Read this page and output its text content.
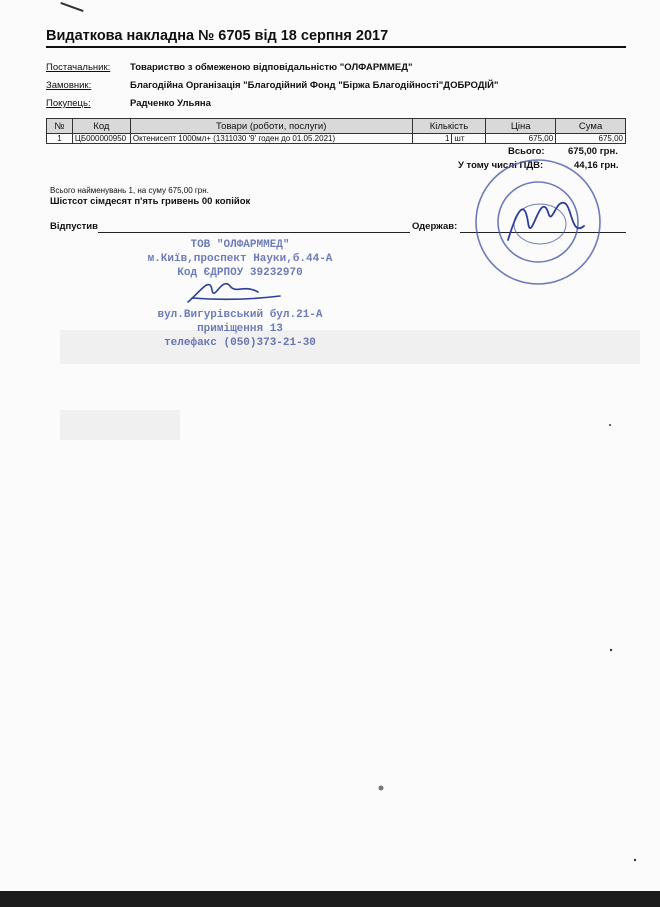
Видаткова накладна № 6705 від 18 серпня 2017
Постачальник: Товариство з обмеженою відповідальністю "ОЛФАРММЕД"
Замовник:	Благодійна Організація "Благодійний Фонд "Біржа Благодійності"ДОБРОДІЙ"
Покупець:	Радченко Ульяна
№	Код	Товари (роботи, послуги)	Кількість		Ціна	Сума
1	ЦБ000000950	Октенисепт 1000мл+ (1311030 '9' годен до 01.05.2021)	1	шт	675,00	675,00
Всього: 675,00 грн.
У тому числі ПДВ:	44,16 грн.
Всього найменувань 1, на суму 675,00 грн.
Шістсот сімдесят п'ять гривень 00 копійок
Відпустив	Одержав:
ТОВ "ОЛФАРММЕД"
м.Київ,проспект Науки,б.44-А
Код ЄДРПОУ 39232970

вул.Вигурівський бул.21-А
приміщення 13
телефакс (050)373-21-30
